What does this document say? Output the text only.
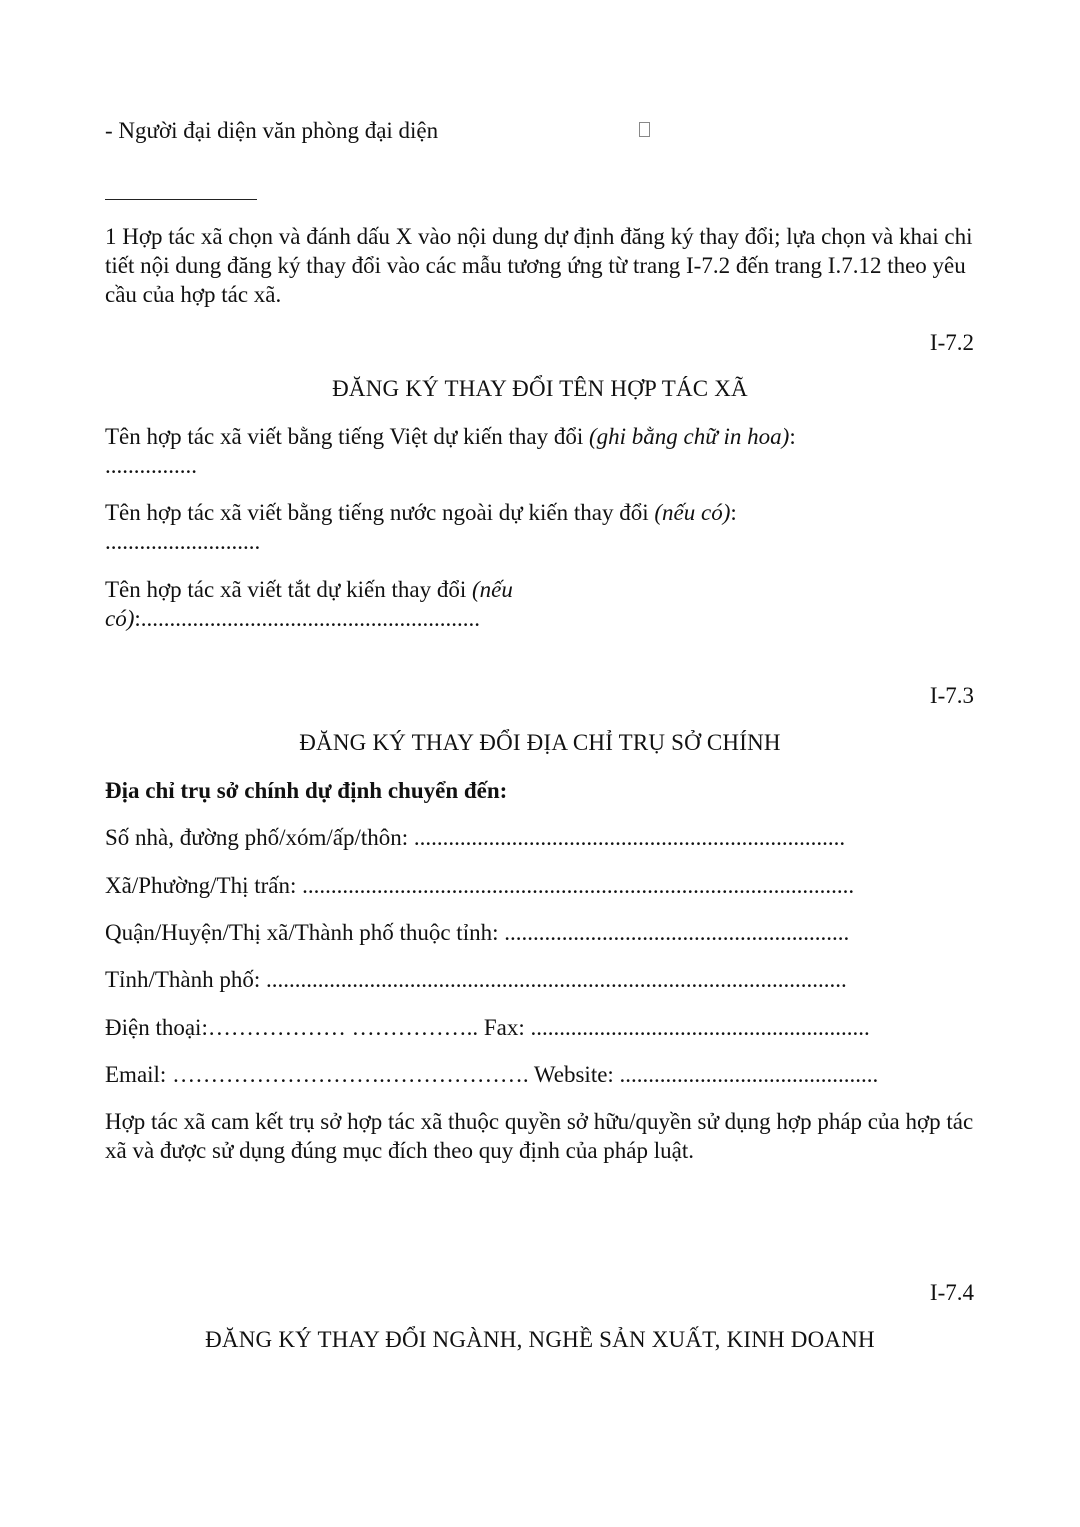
- Người đại diện văn phòng đại diện

1 Hợp tác xã chọn và đánh dấu X vào nội dung dự định đăng ký thay đổi; lựa chọn và khai chi tiết nội dung đăng ký thay đổi vào các mẫu tương ứng từ trang I-7.2 đến trang I.7.12 theo yêu cầu của hợp tác xã.

I-7.2

ĐĂNG KÝ THAY ĐỔI TÊN HỢP TÁC XÃ

Tên hợp tác xã viết bằng tiếng Việt dự kiến thay đổi (ghi bằng chữ in hoa): ................

Tên hợp tác xã viết bằng tiếng nước ngoài dự kiến thay đổi (nếu có): ...........................

Tên hợp tác xã viết tắt dự kiến thay đổi (nếu có):...........................................................

I-7.3

ĐĂNG KÝ THAY ĐỔI ĐỊA CHỈ TRỤ SỞ CHÍNH

Địa chỉ trụ sở chính dự định chuyển đến:

Số nhà, đường phố/xóm/ấp/thôn: ...........................................................................

Xã/Phường/Thị trấn: ................................................................................................

Quận/Huyện/Thị xã/Thành phố thuộc tỉnh: ............................................................

Tỉnh/Thành phố: .....................................................................................................

Điện thoại:……………… …………….. Fax: ...........................................................

Email: ……………………….………………. Website: .............................................

Hợp tác xã cam kết trụ sở hợp tác xã thuộc quyền sở hữu/quyền sử dụng hợp pháp của hợp tác xã và được sử dụng đúng mục đích theo quy định của pháp luật.

I-7.4

ĐĂNG KÝ THAY ĐỔI NGÀNH, NGHỀ SẢN XUẤT, KINH DOANH
